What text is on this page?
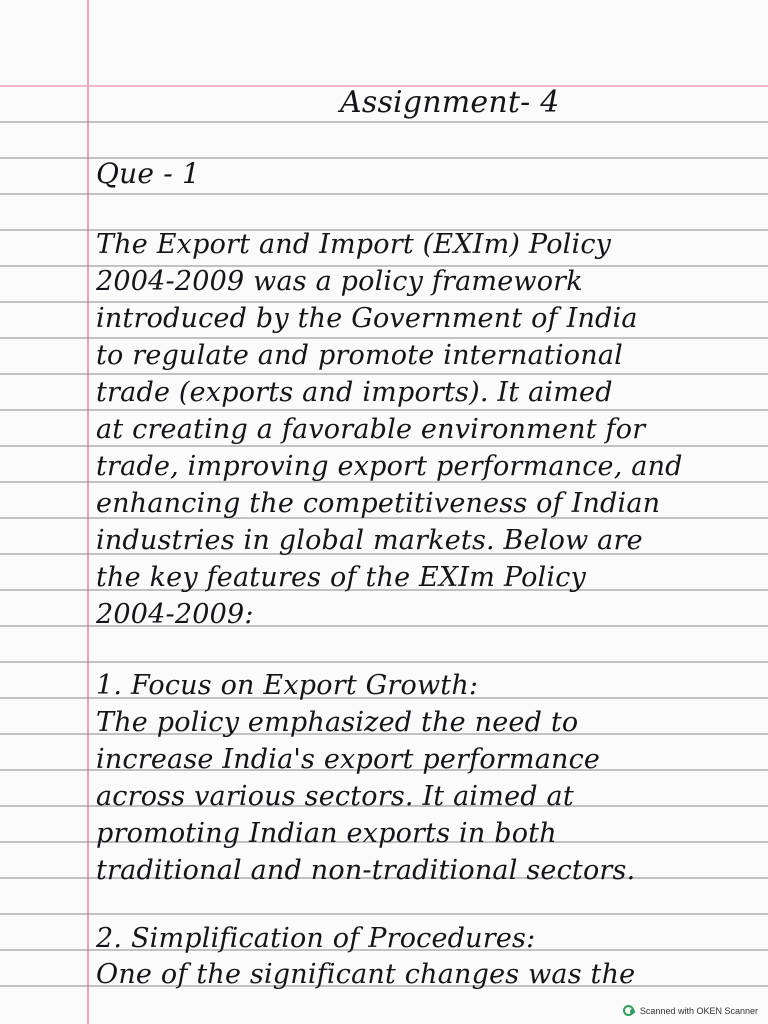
Assignment- 4
Que - 1
The Export and Import (EXIm) Policy
2004-2009 was a policy framework
introduced by the Government of India
to regulate and promote international
trade (exports and imports). It aimed
at creating a favorable environment for
trade, improving export performance, and
enhancing the competitiveness of Indian
industries in global markets. Below are
the key features of the EXIm Policy
2004-2009:
1. Focus on Export Growth:
The policy emphasized the need to
increase India's export performance
across various sectors. It aimed at
promoting Indian exports in both
traditional and non-traditional sectors.
2. Simplification of Procedures:
One of the significant changes was the
Scanned with OKEN Scanner
